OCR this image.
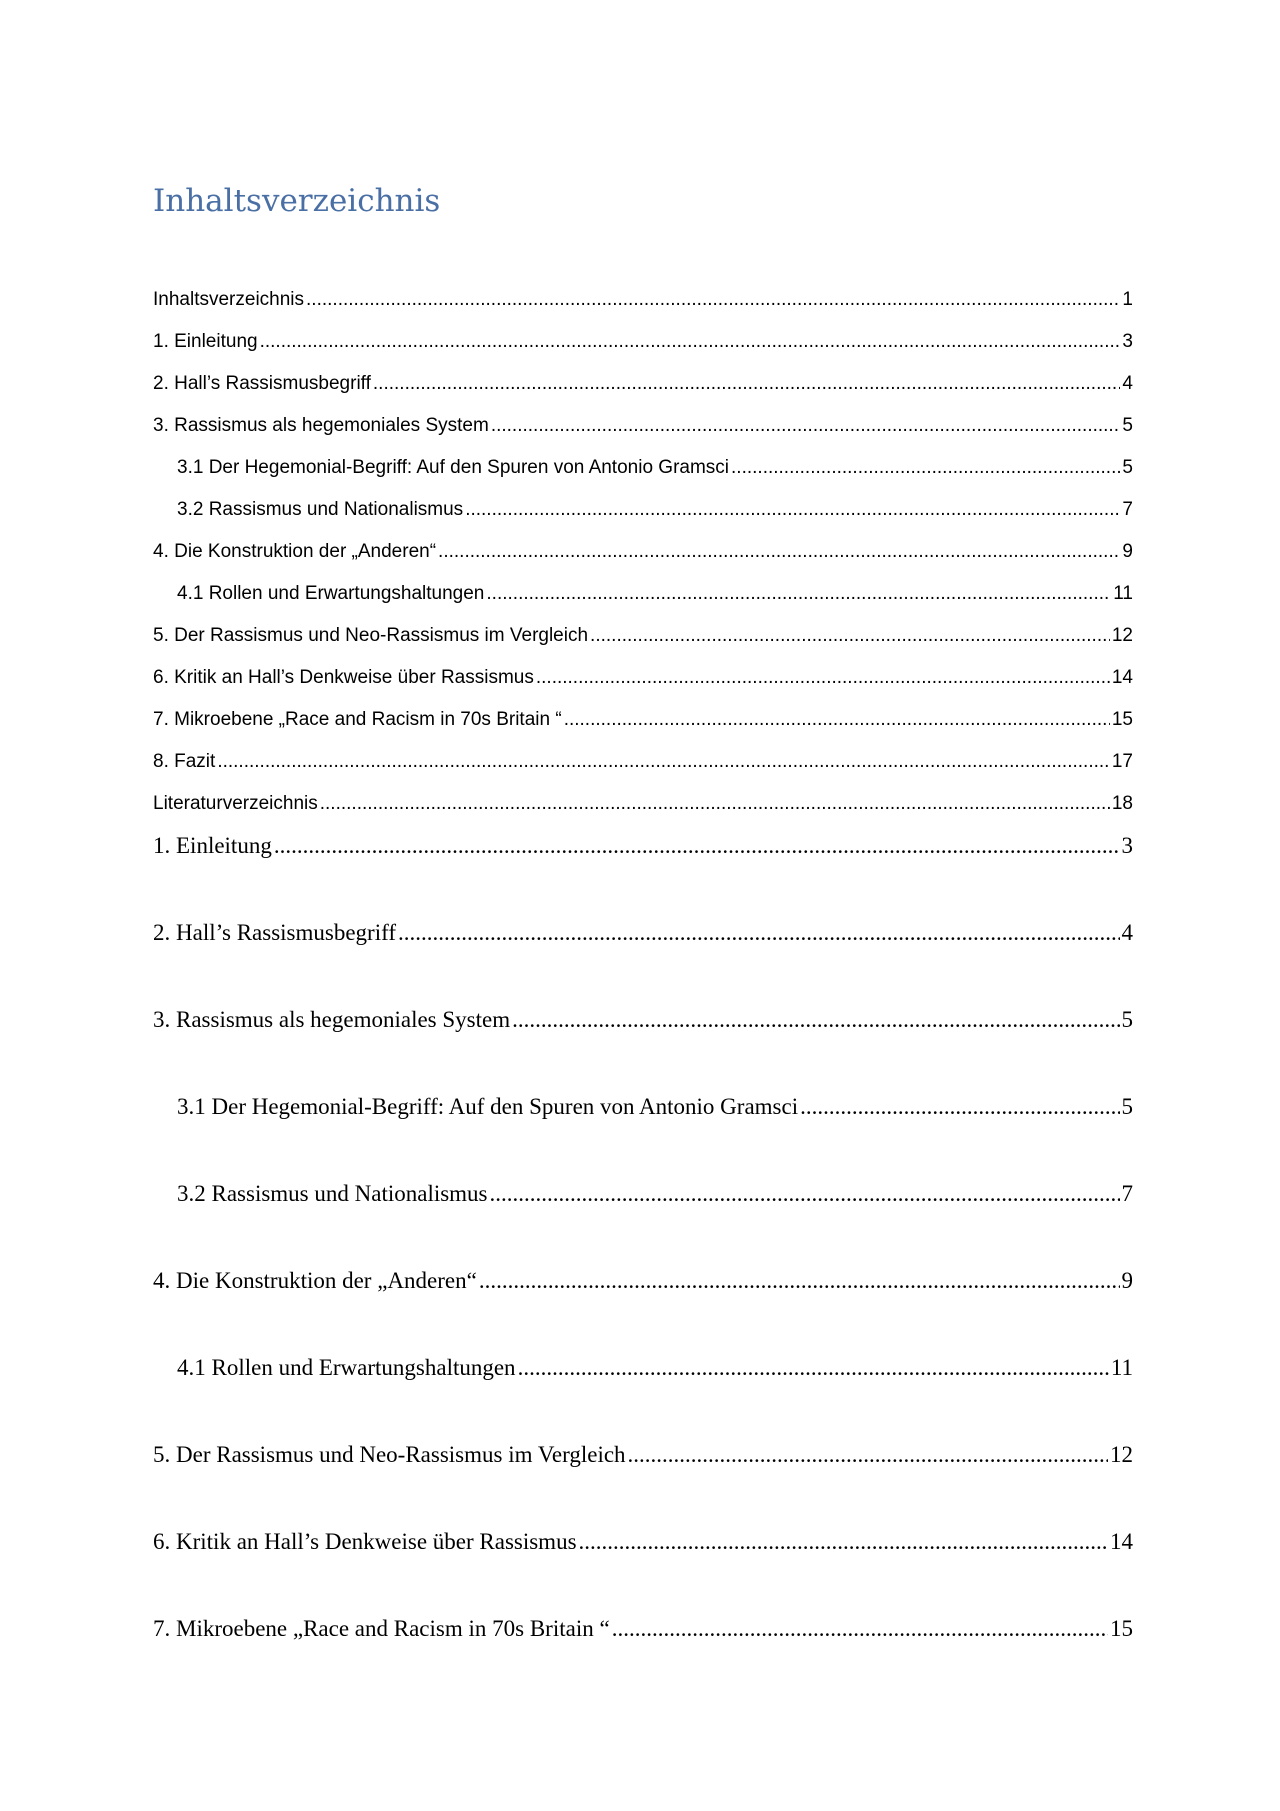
Inhaltsverzeichnis
Inhaltsverzeichnis .....	1
1. Einleitung .....	3
2. Hall’s Rassismusbegriff .....	4
3. Rassismus als hegemoniales System .....	5
3.1 Der Hegemonial-Begriff: Auf den Spuren von Antonio Gramsci .....	5
3.2 Rassismus und Nationalismus .....	7
4. Die Konstruktion der „Anderen“ .....	9
4.1 Rollen und Erwartungshaltungen .....	11
5. Der Rassismus und Neo-Rassismus im Vergleich .....	12
6. Kritik an Hall’s Denkweise über Rassismus .....	14
7. Mikroebene „Race and Racism in 70s Britain “ .....	15
8. Fazit .....	17
Literaturverzeichnis .....	18
1. Einleitung .....	3
2. Hall’s Rassismusbegriff .....	4
3. Rassismus als hegemoniales System .....	5
3.1 Der Hegemonial-Begriff: Auf den Spuren von Antonio Gramsci .....	5
3.2 Rassismus und Nationalismus .....	7
4. Die Konstruktion der „Anderen“ .....	9
4.1 Rollen und Erwartungshaltungen .....	11
5. Der Rassismus und Neo-Rassismus im Vergleich .....	12
6. Kritik an Hall’s Denkweise über Rassismus .....	14
7. Mikroebene „Race and Racism in 70s Britain “ .....	15
